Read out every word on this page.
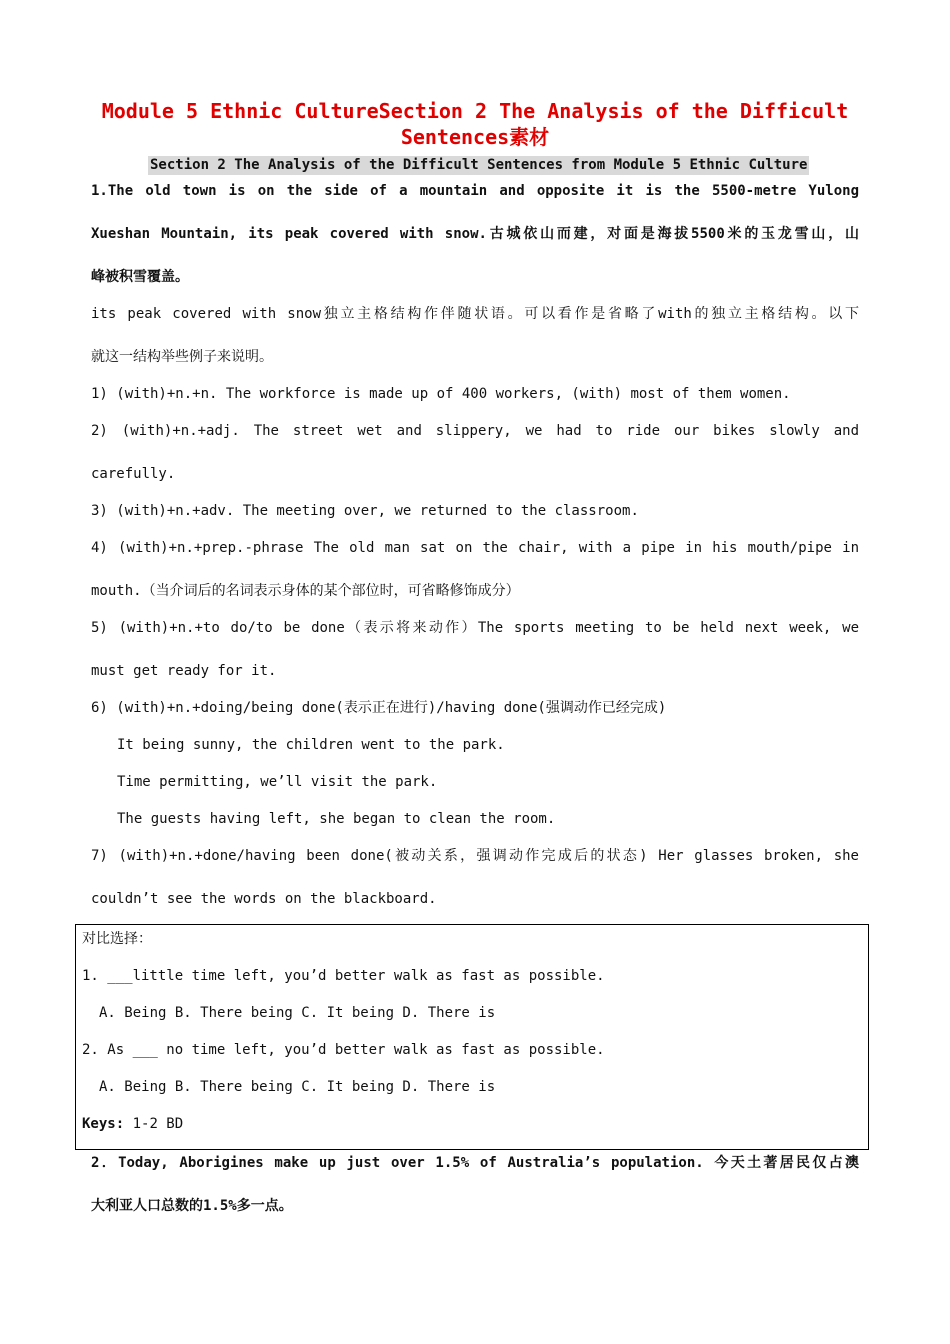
Module 5 Ethnic CultureSection 2 The Analysis of the Difficult
Sentences素材
Section 2 The Analysis of the Difficult Sentences from Module 5 Ethnic Culture
1.The old town is on the side of a mountain and opposite it is the 5500-metre Yulong
Xueshan Mountain, its peak covered with snow.古城依山而建，对面是海拔5500米的玉龙雪山，山
峰被积雪覆盖。
its peak covered with snow独立主格结构作伴随状语。可以看作是省略了with的独立主格结构。以下
就这一结构举些例子来说明。
1) (with)+n.+n. The workforce is made up of 400 workers, (with) most of them women.
2) (with)+n.+adj. The street wet and slippery, we had to ride our bikes slowly and
carefully.
3) (with)+n.+adv. The meeting over, we returned to the classroom.
4) (with)+n.+prep.-phrase The old man sat on the chair, with a pipe in his mouth/pipe in
mouth.（当介词后的名词表示身体的某个部位时，可省略修饰成分）
5) (with)+n.+to do/to be done（表示将来动作）The sports meeting to be held next week, we
must get ready for it.
6) (with)+n.+doing/being done(表示正在进行)/having done(强调动作已经完成)
It being sunny, the children went to the park.
Time permitting, we’ll visit the park.
The guests having left, she began to clean the room.
7) (with)+n.+done/having been done(被动关系，强调动作完成后的状态) Her glasses broken, she
couldn’t see the words on the blackboard.
对比选择：
1. ___little time left, you’d better walk as fast as possible.
A. Being B. There being C. It being D. There is
2. As ___ no time left, you’d better walk as fast as possible.
A. Being B. There being C. It being D. There is
Keys: 1-2 BD
2．Today, Aborigines make up just over 1.5% of Australia’s population. 今天土著居民仅占澳
大利亚人口总数的1.5%多一点。
